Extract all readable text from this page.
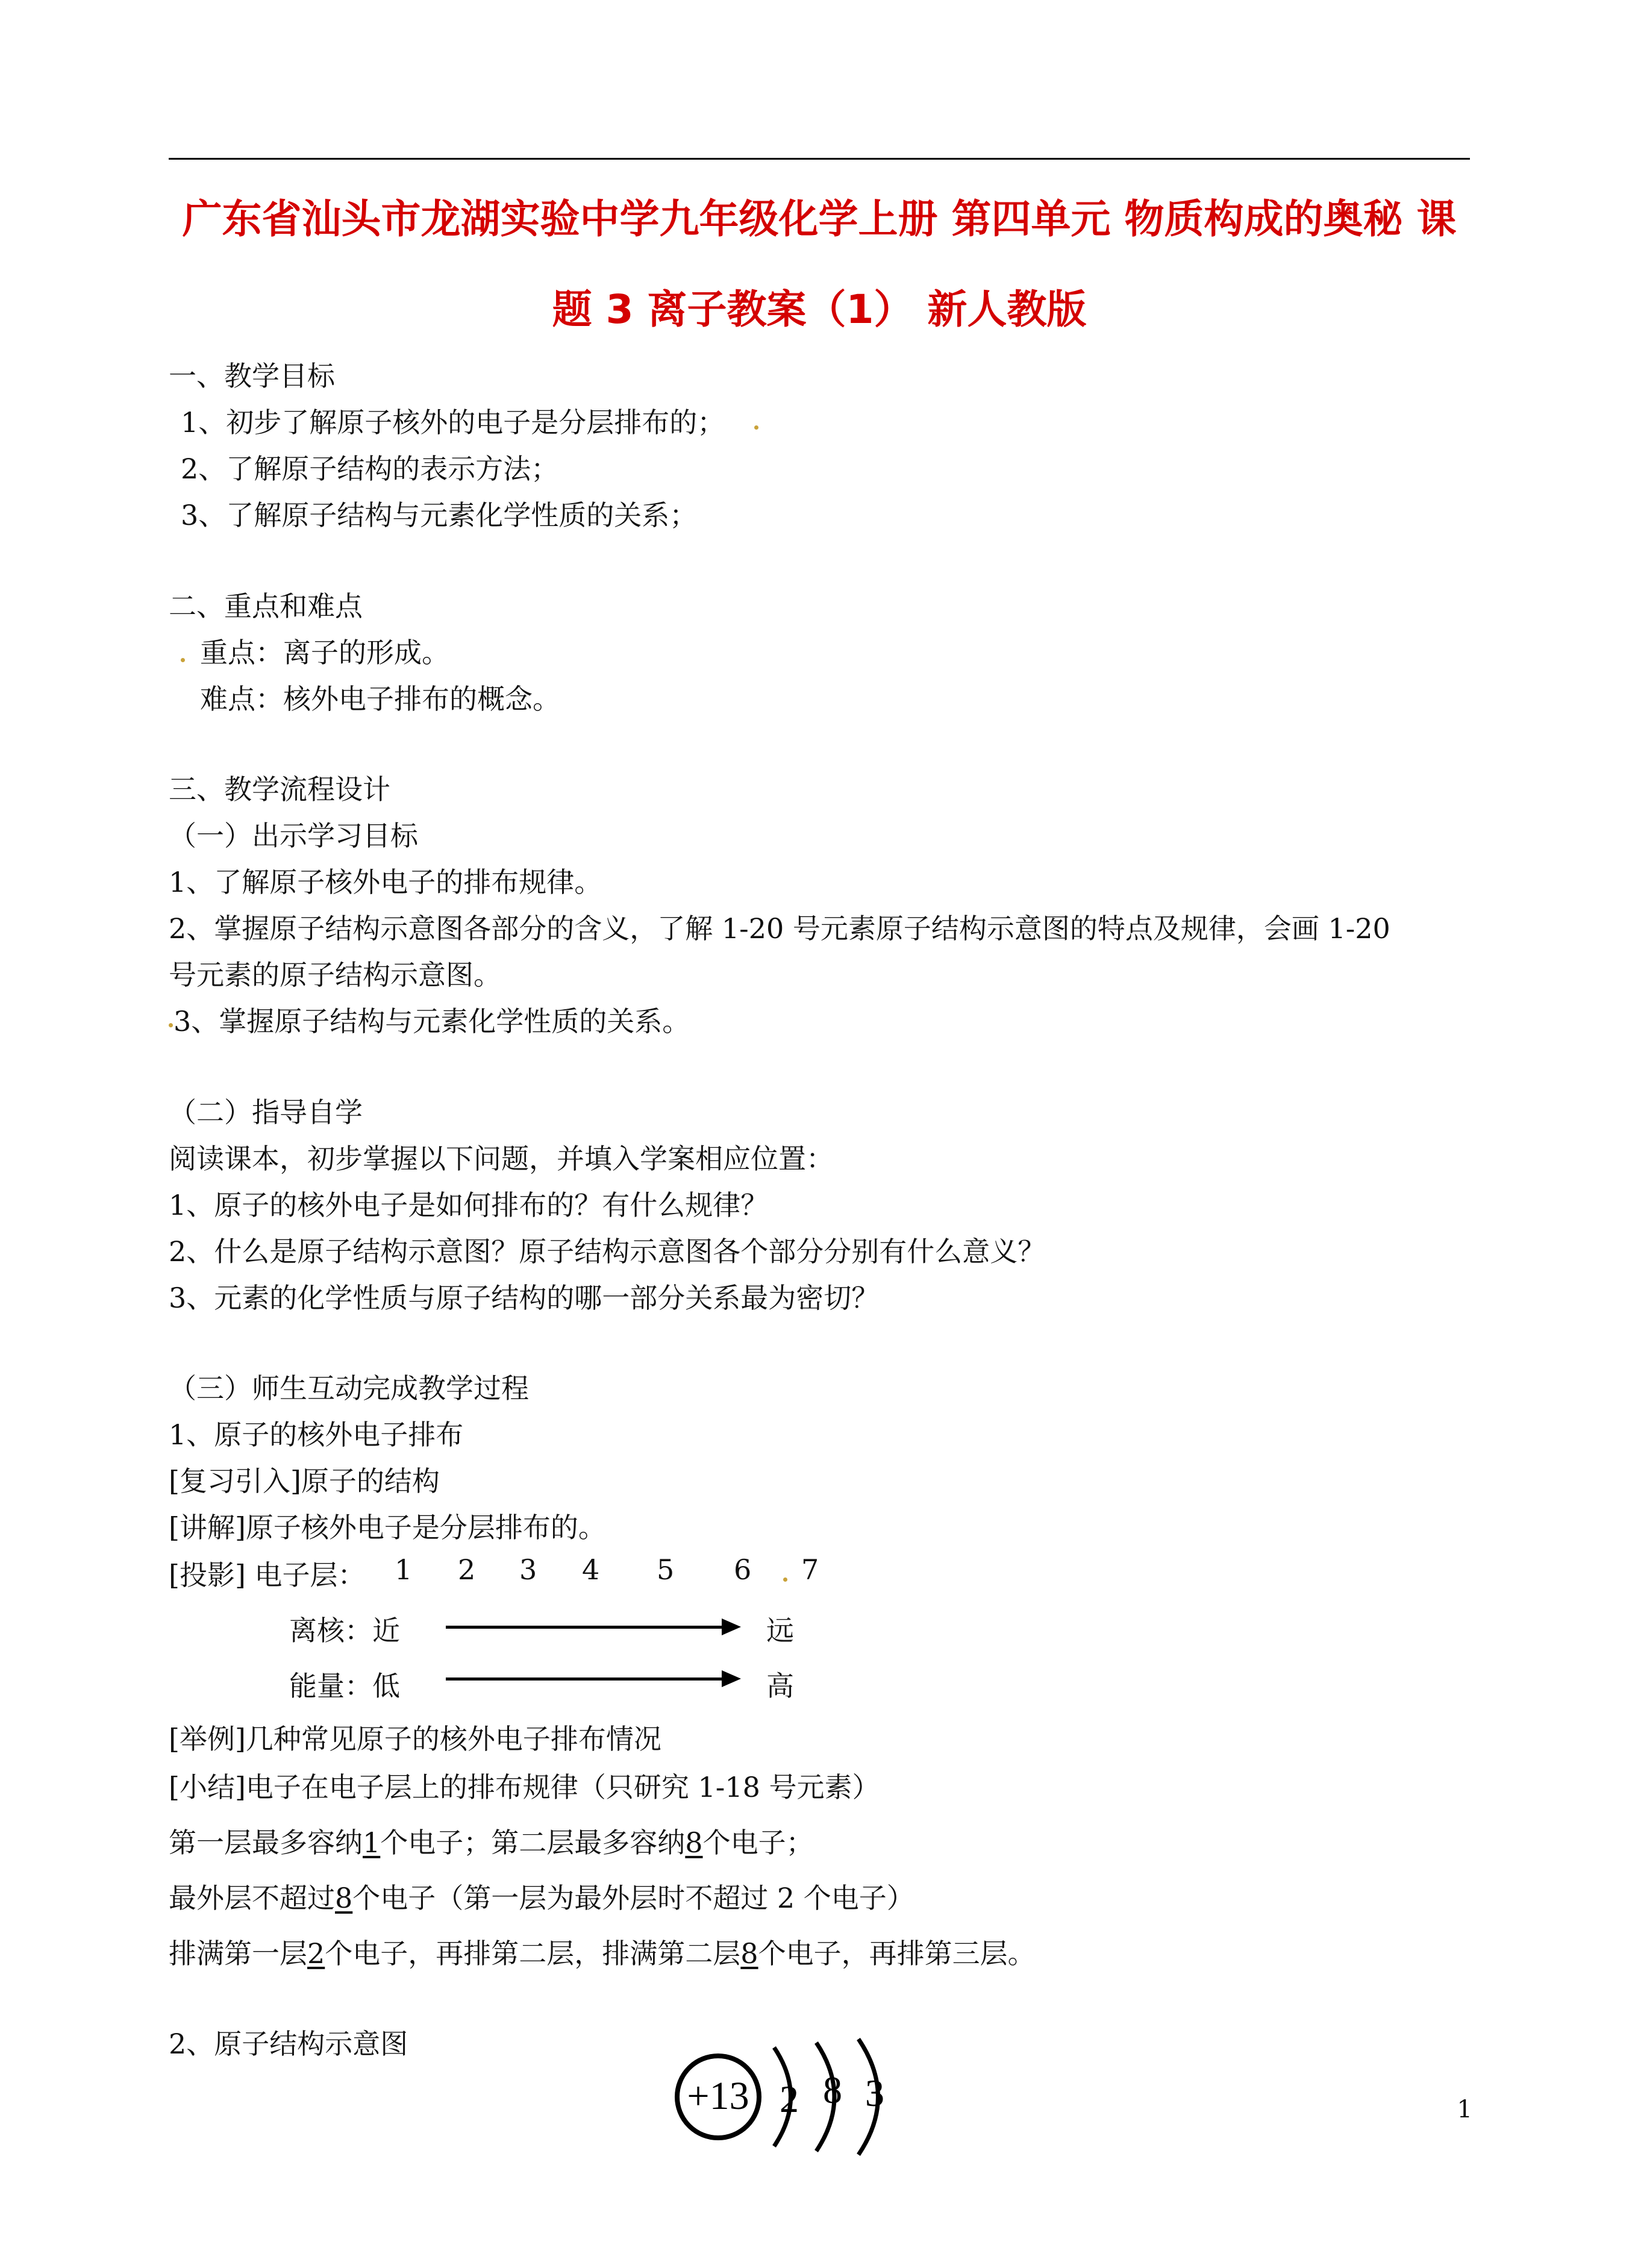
广东省汕头市龙湖实验中学九年级化学上册 第四单元 物质构成的奥秘 课
题 3 离子教案（1） 新人教版
一、教学目标
1、初步了解原子核外的电子是分层排布的；
2、了解原子结构的表示方法；
3、了解原子结构与元素化学性质的关系；
二、重点和难点
重点：离子的形成。
难点：核外电子排布的概念。
三、教学流程设计
（一）出示学习目标
1、了解原子核外电子的排布规律。
2、掌握原子结构示意图各部分的含义，了解 1-20 号元素原子结构示意图的特点及规律，会画 1-20
号元素的原子结构示意图。
3、掌握原子结构与元素化学性质的关系。
（二）指导自学
阅读课本，初步掌握以下问题，并填入学案相应位置：
1、原子的核外电子是如何排布的？有什么规律？
2、什么是原子结构示意图？原子结构示意图各个部分分别有什么意义？
3、元素的化学性质与原子结构的哪一部分关系最为密切？
（三）师生互动完成教学过程
1、原子的核外电子排布
[复习引入]原子的结构
[讲解]原子核外电子是分层排布的。
[投影] 电子层： 1 2 3 4 5 6 7
离核：近	远
能量：低	高
[举例]几种常见原子的核外电子排布情况
[小结]电子在电子层上的排布规律（只研究 1-18 号元素）
第一层最多容纳1个电子；第二层最多容纳8个电子；
最外层不超过8个电子（第一层为最外层时不超过 2 个电子）
排满第一层2个电子，再排第二层，排满第二层8个电子，再排第三层。
2、原子结构示意图
+13 2 8 3	1
